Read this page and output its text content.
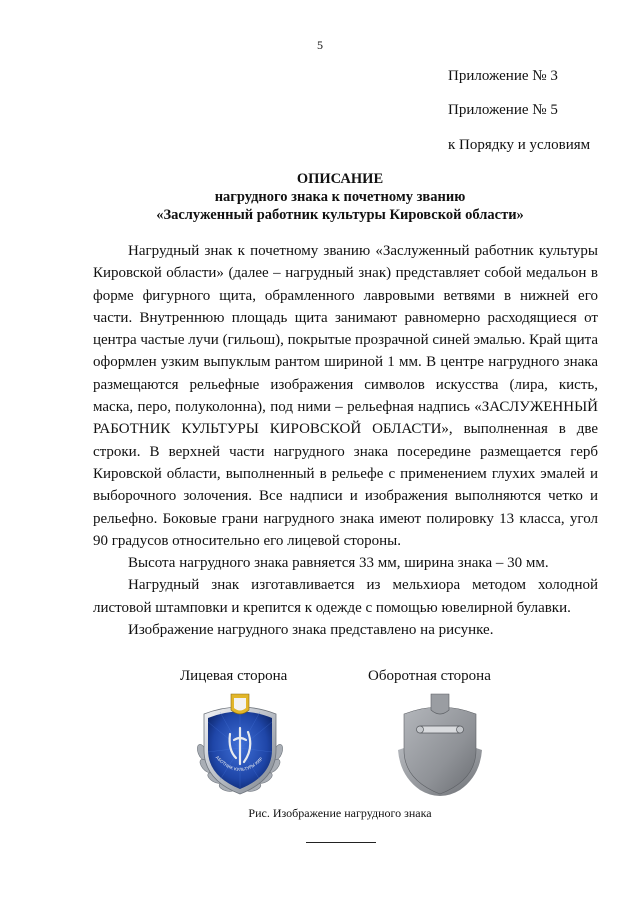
5
Приложение № 3
Приложение № 5
к Порядку и условиям
ОПИСАНИЕ
нагрудного знака к почетному званию
«Заслуженный работник культуры Кировской области»

Нагрудный знак к почетному званию «Заслуженный работник культуры Кировской области» (далее – нагрудный знак) представляет собой медальон в форме фигурного щита, обрамленного лавровыми ветвями в нижней его части. Внутреннюю площадь щита занимают равномерно расходящиеся от центра частые лучи (гильош), покрытые прозрачной синей эмалью. Край щита оформлен узким выпуклым рантом шириной 1 мм. В центре нагрудного знака размещаются рельефные изображения символов искусства (лира, кисть, маска, перо, полуколонна), под ними – рельефная надпись «ЗАСЛУЖЕННЫЙ РАБОТНИК КУЛЬТУРЫ КИРОВСКОЙ ОБЛАСТИ», выполненная в две строки. В верхней части нагрудного знака посередине размещается герб Кировской области, выполненный в рельефе с применением глухих эмалей и выборочного золочения. Все надписи и изображения выполняются четко и рельефно. Боковые грани нагрудного знака имеют полировку 13 класса, угол 90 градусов относительно его лицевой стороны.

Высота нагрудного знака равняется 33 мм, ширина знака – 30 мм.

Нагрудный знак изготавливается из мельхиора методом холодной листовой штамповки и крепится к одежде с помощью ювелирной булавки.

Изображение нагрудного знака представлено на рисунке.

Лицевая сторона	Оборотная сторона
АБОТНИК КУЛЬТУРЫ КИР
Рис. Изображение нагрудного знака
